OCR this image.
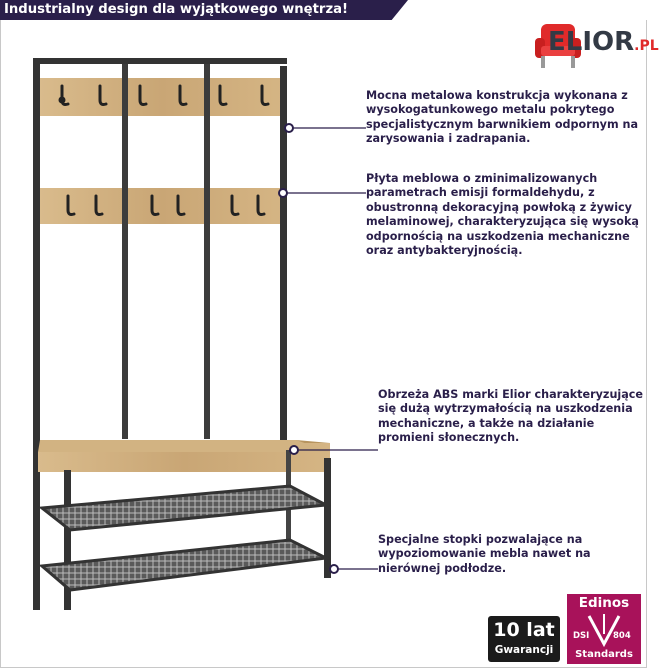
Industrialny design dla wyjątkowego wnętrza!
ELIOR.PL
Mocna metalowa konstrukcja wykonana z wysokogatunkowego metalu pokrytego specjalistycznym barwnikiem odpornym na zarysowania i zadrapania.
Płyta meblowa o zminimalizowanych parametrach emisji formaldehydu, z obustronną dekoracyjną powłoką z żywicy melaminowej, charakteryzująca się wysoką odpornością na uszkodzenia mechaniczne oraz antybakteryjnością.
Obrzeża ABS marki Elior charakteryzujące się dużą wytrzymałością na uszkodzenia mechaniczne, a także na działanie promieni słonecznych.
Specjalne stopki pozwalające na wypoziomowanie mebla nawet na nierównej podłodze.
10 lat
Gwarancji
Edinos
DSI	804
Standards
